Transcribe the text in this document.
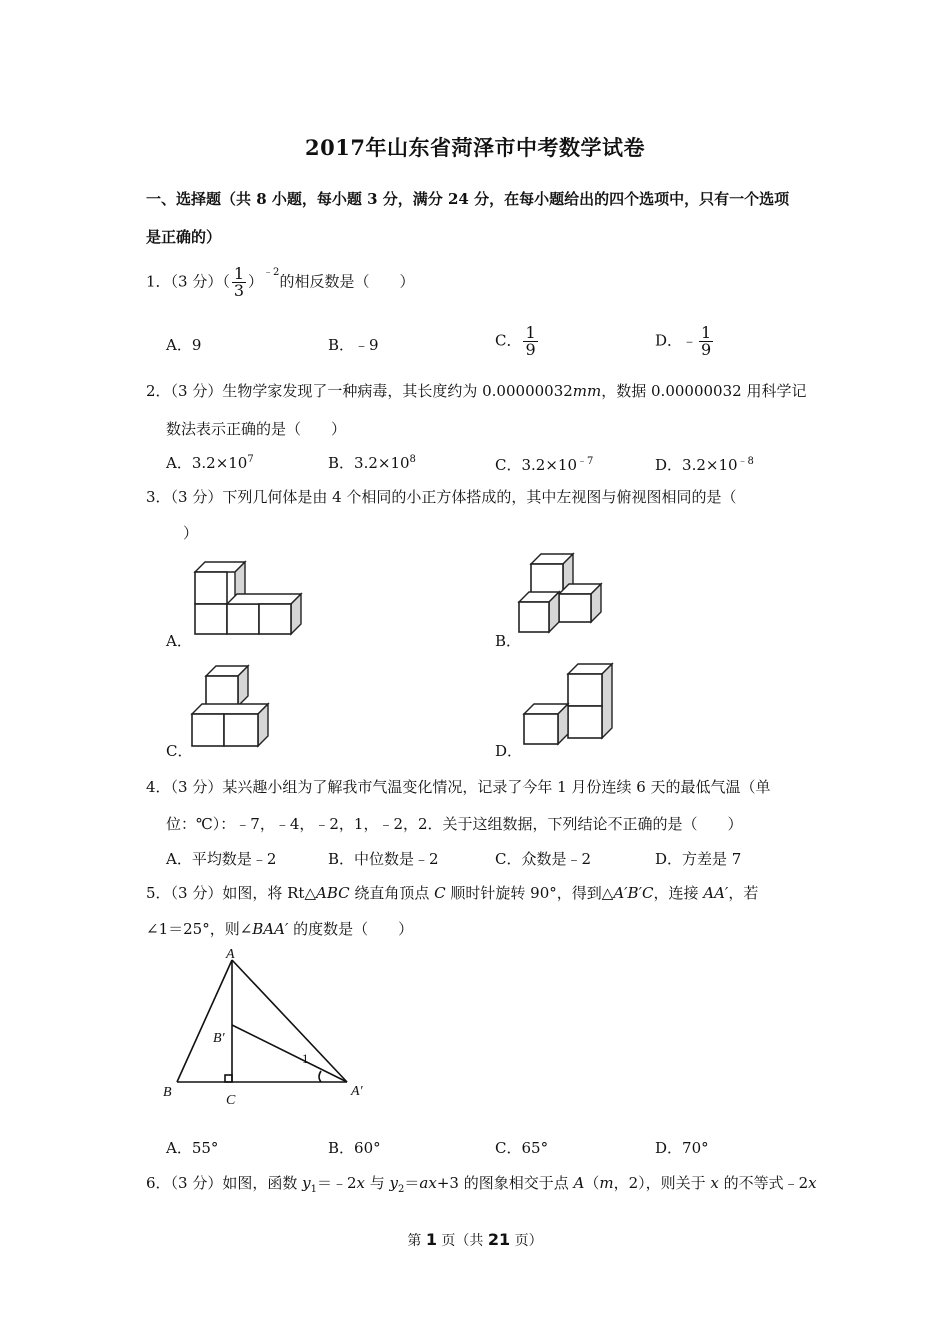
2017年山东省菏泽市中考数学试卷
一、选择题（共 8 小题，每小题 3 分，满分 24 分，在每小题给出的四个选项中，只有一个选项
是正确的）
1．（3 分）（ $\frac{1}{3} )^{﹣2}$的相反数是（　　）
A．9	B．﹣9	C． $\frac{1}{9}$	D．﹣ $\frac{1}{9}$
2．（3 分）生物学家发现了一种病毒，其长度约为 0.00000032mm，数据 0.00000032 用科学记
数法表示正确的是（　　）
A．$3.2\times 10^7$	B．$3.2\times 10^8$	C．$3.2\times 10^{﹣7}$	D．$3.2\times 10^{﹣8}$
3．（3 分）下列几何体是由 4 个相同的小正方体搭成的，其中左视图与俯视图相同的是（
）
A．	B．
C．	D．
4．（3 分）某兴趣小组为了解我市气温变化情况，记录了今年 1 月份连续 6 天的最低气温（单
位：℃）：﹣7，﹣4，﹣2，1，﹣2，2．关于这组数据，下列结论不正确的是（　　）
A．平均数是﹣2	B．中位数是﹣2	C．众数是﹣2	D．方差是 7
5．（3 分）如图，将 Rt△ABC 绕直角顶点 C 顺时针旋转 90°，得到△A′B′C，连接 AA′，若
∠1＝25°，则∠BAA′ 的度数是（　　）
A
B′
B
C
A′
1
A．55°	B．60°	C．65°	D．70°
6．（3 分）如图，函数 $y_1=﹣2x$ 与 $y_2=ax+3$ 的图象相交于点 A（m，2），则关于 x 的不等式﹣2x
第 1 页（共 21 页）
